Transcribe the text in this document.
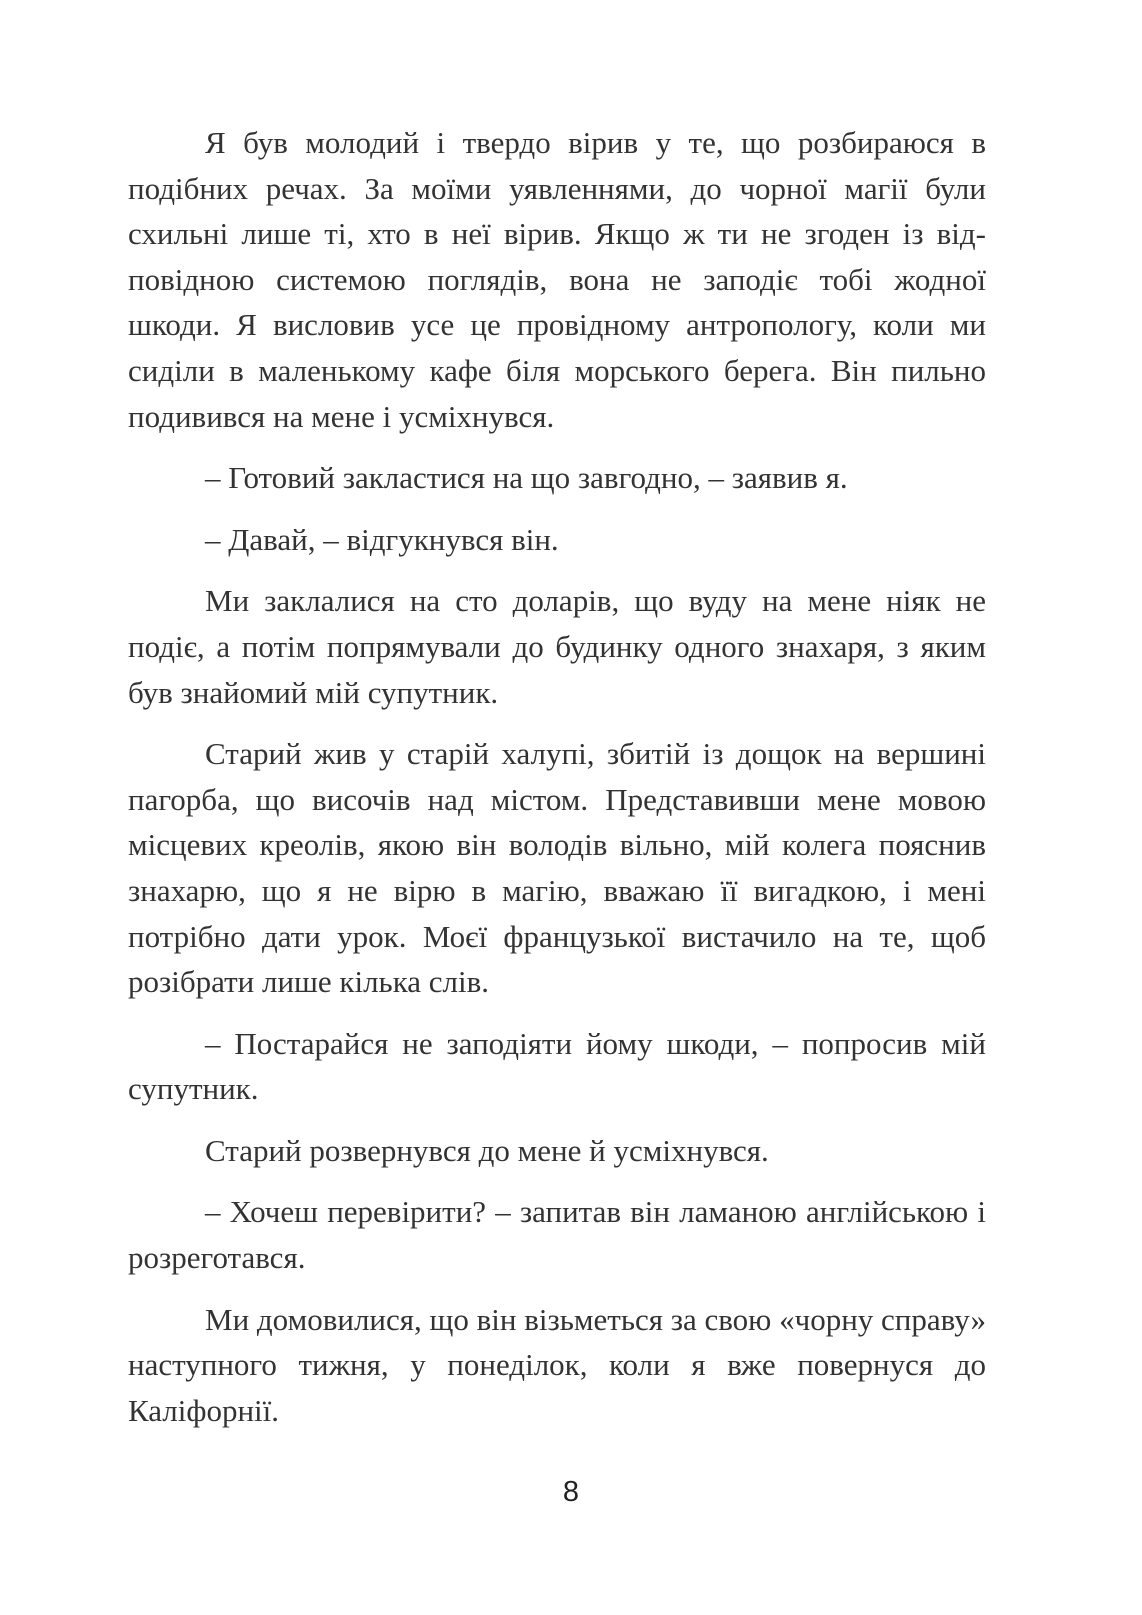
Я був молодий і твердо вірив у те, що розбираюся в подібних речах. За моїми уявленнями, до чорної магії були схильні лише ті, хто в неї вірив. Якщо ж ти не згоден із відповідною системою поглядів, вона не заподіє тобі жодної шкоди. Я висловив усе це провідному антропологу, коли ми сиділи в маленькому кафе біля морського берега. Він пильно подивився на мене і усміхнувся.

– Готовий закластися на що завгодно, – заявив я.

– Давай, – відгукнувся він.

Ми заклалися на сто доларів, що вуду на мене ніяк не подіє, а потім попрямували до будинку одного знахаря, з яким був знайомий мій супутник.

Старий жив у старій халупі, збитій із дощок на вершині пагорба, що височів над містом. Представивши мене мовою місцевих креолів, якою він володів вільно, мій колега пояснив знахарю, що я не вірю в магію, вважаю її вигадкою, і мені потрібно дати урок. Моєї французької вистачило на те, щоб розібрати лише кілька слів.

– Постарайся не заподіяти йому шкоди, – попросив мій супутник.

Старий розвернувся до мене й усміхнувся.

– Хочеш перевірити? – запитав він ламаною англійською і розреготався.

Ми домовилися, що він візьметься за свою «чорну справу» наступного тижня, у понеділок, коли я вже повернуся до Каліфорнії.

8
